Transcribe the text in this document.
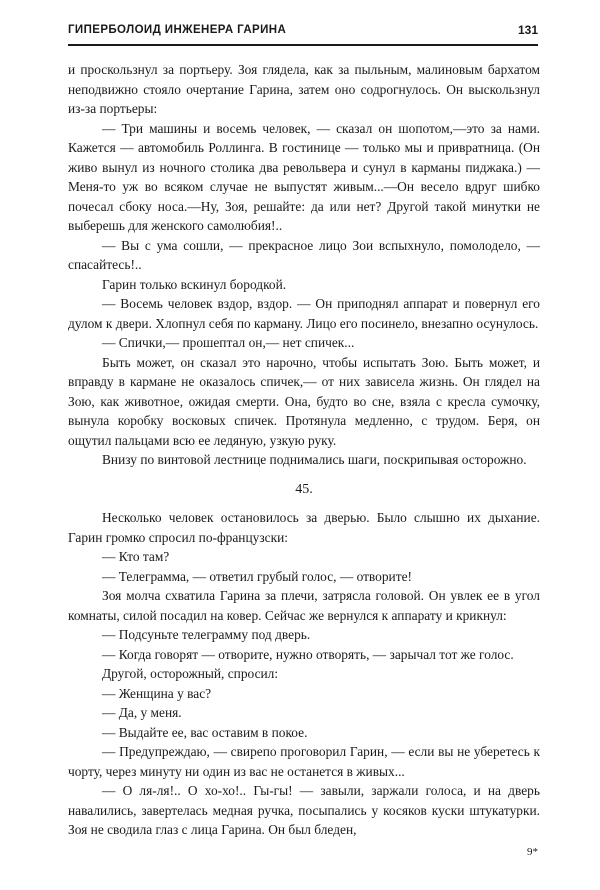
ГИПЕРБОЛОИД ИНЖЕНЕРА ГАРИНА	131

и проскользнул за портьеру. Зоя глядела, как за пыльным, малиновым бархатом неподвижно стояло очертание Гарина, затем оно содрогнулось. Он выскользнул из-за портьеры:

— Три машины и восемь человек, — сказал он шопотом,—это за нами. Кажется — автомобиль Роллинга. В гостинице — только мы и привратница. (Он живо вынул из ночного столика два револьвера и сунул в карманы пиджака.) — Меня-то уж во всяком случае не выпустят живым...—Он весело вдруг шибко почесал сбоку носа.—Ну, Зоя, решайте: да или нет? Другой такой минутки не выберешь для женского самолюбия!..

— Вы с ума сошли, — прекрасное лицо Зои вспыхнуло, помолодело, — спасайтесь!..

Гарин только вскинул бородкой.

— Восемь человек вздор, вздор. — Он приподнял аппарат и повернул его дулом к двери. Хлопнул себя по карману. Лицо его посинело, внезапно осунулось.

— Спички,— прошептал он,— нет спичек...

Быть может, он сказал это нарочно, чтобы испытать Зою. Быть может, и вправду в кармане не оказалось спичек,— от них зависела жизнь. Он глядел на Зою, как животное, ожидая смерти. Она, будто во сне, взяла с кресла сумочку, вынула коробку восковых спичек. Протянула медленно, с трудом. Беря, он ощутил пальцами всю ее ледяную, узкую руку.

Внизу по винтовой лестнице поднимались шаги, поскрипывая осторожно.

45.

Несколько человек остановилось за дверью. Было слышно их дыхание. Гарин громко спросил по-французски:

— Кто там?

— Телеграмма, — ответил грубый голос, — отворите!

Зоя молча схватила Гарина за плечи, затрясла головой. Он увлек ее в угол комнаты, силой посадил на ковер. Сейчас же вернулся к аппарату и крикнул:

— Подсуньте телеграмму под дверь.

— Когда говорят — отворите, нужно отворять, — зарычал тот же голос.

Другой, осторожный, спросил:

— Женщина у вас?

— Да, у меня.

— Выдайте ее, вас оставим в покое.

— Предупреждаю, — свирепо проговорил Гарин, — если вы не уберетесь к чорту, через минуту ни один из вас не останется в живых...

— О ля-ля!.. О хо-хо!.. Гы-гы! — завыли, заржали голоса, и на дверь навалились, завертелась медная ручка, посыпались у косяков куски штукатурки. Зоя не сводила глаз с лица Гарина. Он был бледен,

9*
